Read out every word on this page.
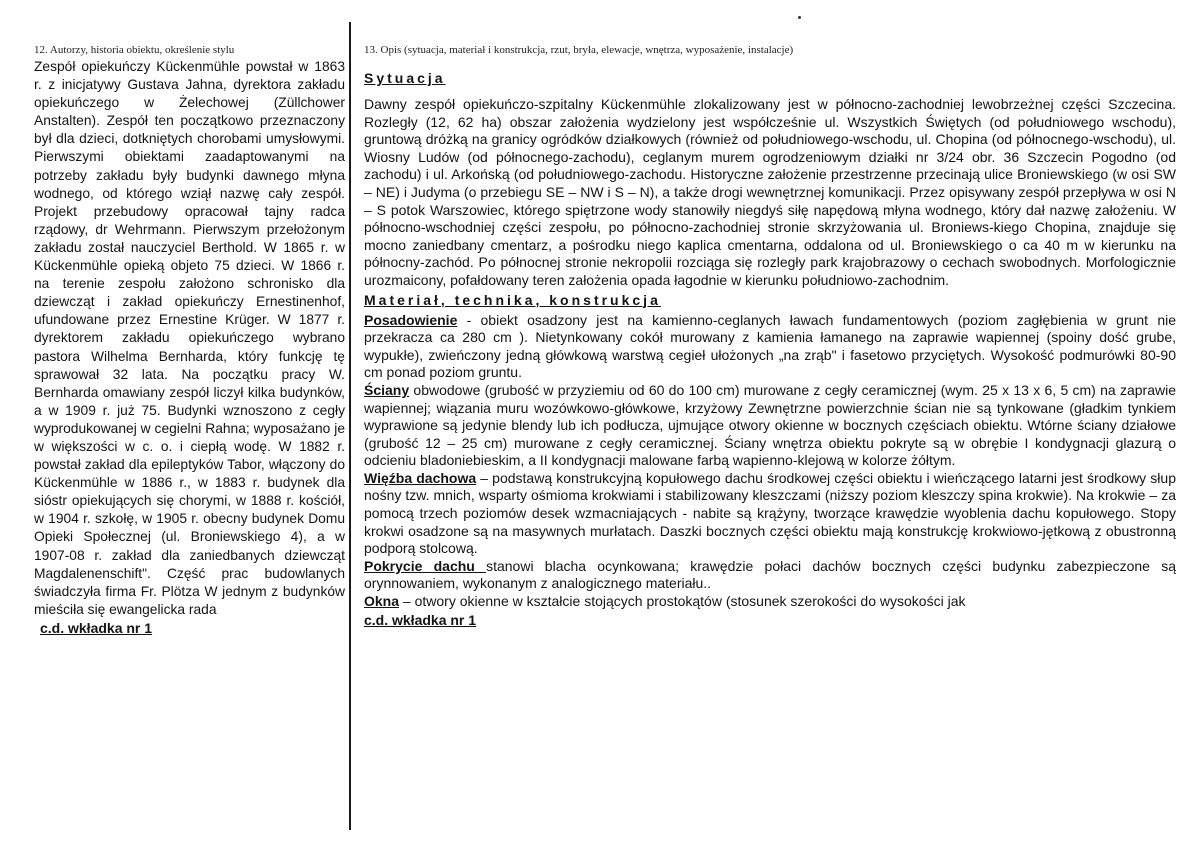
12. Autorzy, historia obiektu, określenie stylu

Zespół opiekuńczy Kückenmühle powstał w 1863 r. z inicjatywy Gustava Jahna, dyrektora zakładu opiekuńczego w Żelechowej (Züllchower Anstalten). Zespół ten początkowo przeznaczony był dla dzieci, dotkniętych chorobami umysłowymi. Pierwszymi obiektami zaadaptowanymi na potrzeby zakładu były budynki dawnego młyna wodnego, od którego wziął nazwę cały zespół. Projekt przebudowy opracował tajny radca rządowy, dr Wehrmann. Pierwszym przełożonym zakładu został nauczyciel Berthold. W 1865 r. w Kückenmühle opieką objeto 75 dzieci. W 1866 r. na terenie zespołu założono schronisko dla dziewcząt i zakład opiekuńczy Ernestinenhof, ufundowane przez Ernestine Krüger. W 1877 r. dyrektorem zakładu opiekuńczego wybrano pastora Wilhelma Bernharda, który funkcję tę sprawował 32 lata. Na początku pracy W. Bernharda omawiany zespół liczył kilka budynków, a w 1909 r. już 75. Budynki wznoszono z cegły wyprodukowanej w cegielni Rahna; wyposażano je w większości w c. o. i ciepłą wodę. W 1882 r. powstał zakład dla epileptyków Tabor, włączony do Kückenmühle w 1886 r., w 1883 r. budynek dla sióstr opiekujących się chorymi, w 1888 r. kościół, w 1904 r. szkołę, w 1905 r. obecny budynek Domu Opieki Społecznej (ul. Broniewskiego 4), a w 1907-08 r. zakład dla zaniedbanych dziewcząt Magdalenenschift". Część prac budowlanych świadczyła firma Fr. Plötza W jednym z budynków mieściła się ewangelicka rada

c.d. wkładka nr 1
13. Opis (sytuacja, materiał i konstrukcja, rzut, bryła, elewacje, wnętrza, wyposażenie, instalacje)
Sytuacja

Dawny zespół opiekuńczo-szpitalny Kückenmühle zlokalizowany jest w północno-zachodniej lewobrzeżnej części Szczecina. Rozległy (12, 62 ha) obszar założenia wydzielony jest współcześnie ul. Wszystkich Świętych (od południowego wschodu), gruntową dróżką na granicy ogródków działkowych (również od południowego-wschodu, ul. Chopina (od północnego-wschodu), ul. Wiosny Ludów (od północnego-zachodu), ceglanym murem ogrodzeniowym działki nr 3/24 obr. 36 Szczecin Pogodno (od zachodu) i ul. Arkońską (od południowego-zachodu. Historyczne założenie przestrzenne przecinają ulice Broniewskiego (w osi SW – NE) i Judyma (o przebiegu SE – NW i S – N), a także drogi wewnętrznej komunikacji. Przez opisywany zespół przepływa w osi N – S potok Warszowiec, którego spiętrzone wody stanowiły niegdyś siłę napędową młyna wodnego, który dał nazwę założeniu. W północno-wschodniej części zespołu, po północno-zachodniej stronie skrzyżowania ul. Broniews-kiego Chopina, znajduje się mocno zaniedbany cmentarz, a pośrodku niego kaplica cmentarna, oddalona od ul. Broniewskiego o ca 40 m w kierunku na północny-zachód. Po północnej stronie nekropolii rozciąga się rozległy park krajobrazowy o cechach swobodnych. Morfologicznie urozmaicony, pofałdowany teren założenia opada łagodnie w kierunku południowo-zachodnim.

Materiał, technika, konstrukcja

Posadowienie - obiekt osadzony jest na kamienno-ceglanych ławach fundamentowych (poziom zagłębienia w grunt nie przekracza ca 280 cm ). Nietynkowany cokół murowany z kamienia łamanego na zaprawie wapiennej (spoiny dość grube, wypukłe), zwieńczony jedną główkową warstwą cegieł ułożonych „na zrąb" i fasetowo przyciętych. Wysokość podmurówki 80-90 cm ponad poziom gruntu.

Ściany obwodowe (grubość w przyziemiu od 60 do 100 cm) murowane z cegły ceramicznej (wym. 25 x 13 x 6, 5 cm) na zaprawie wapiennej; wiązania muru wozówkowo-główkowe, krzyżowy Zewnętrzne powierzchnie ścian nie są tynkowane (gładkim tynkiem wyprawione są jedynie blendy lub ich podłucza, ujmujące otwory okienne w bocznych częściach obiektu. Wtórne ściany działowe (grubość 12 – 25 cm) murowane z cegły ceramicznej. Ściany wnętrza obiektu pokryte są w obrębie I kondygnacji glazurą o odcieniu bladoniebieskim, a II kondygnacji malowane farbą wapienno-klejową w kolorze żółtym.

Więźba dachowa – podstawą konstrukcyjną kopułowego dachu środkowej części obiektu i wieńczącego latarni jest środkowy słup nośny tzw. mnich, wsparty ośmioma krokwiami i stabilizowany kleszczami (niższy poziom kleszczy spina krokwie). Na krokwie – za pomocą trzech poziomów desek wzmacniających - nabite są krążyny, tworzące krawędzie wyoblenia dachu kopułowego. Stopy krokwi osadzone są na masywnych murłatach. Daszki bocznych części obiektu mają konstrukcję krokwiowo-jętkową z obustronną podporą stolcową.

Pokrycie dachu stanowi blacha ocynkowana; krawędzie połaci dachów bocznych części budynku zabezpieczone są orynnowaniem, wykonanym z analogicznego materiału..

Okna – otwory okienne w kształcie stojących prostokątów (stosunek szerokości do wysokości jak

c.d. wkładka nr 1
